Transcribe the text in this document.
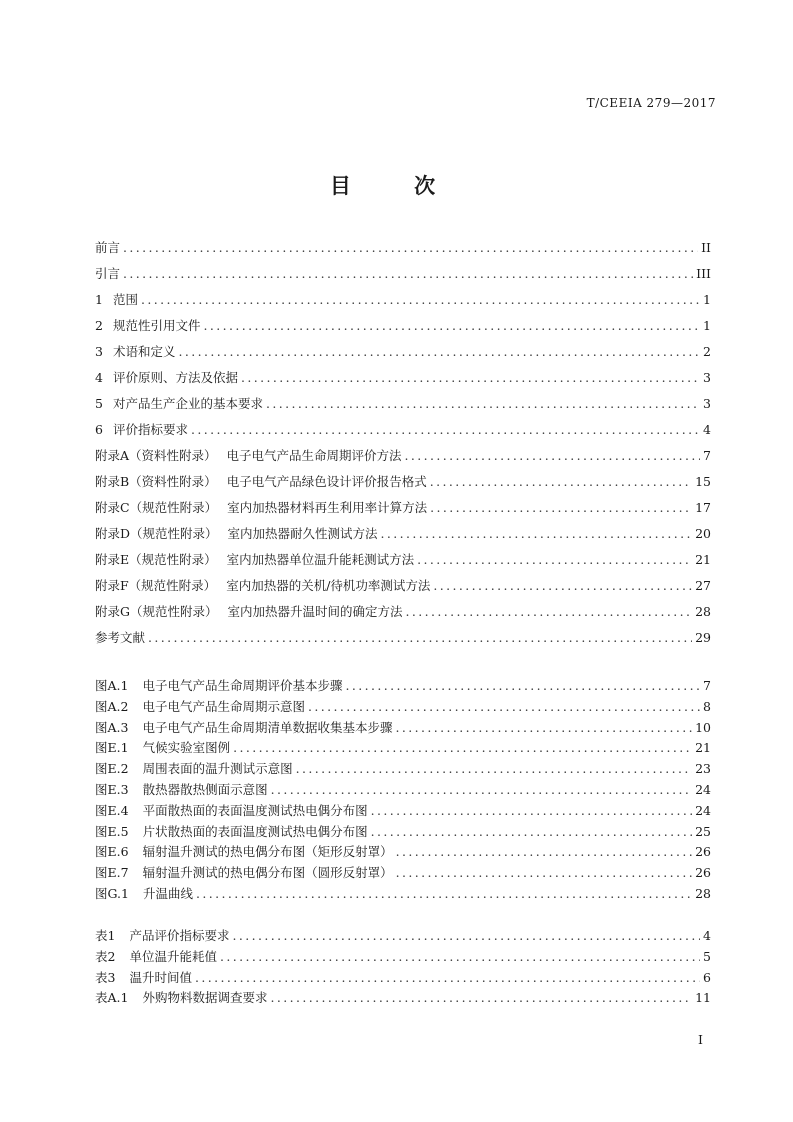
T/CEEIA 279—2017
目 次
前言 .....	II
引言 .....	III
1 范围 .....	1
2 规范性引用文件 .....	1
3 术语和定义 .....	2
4 评价原则、方法及依据 .....	3
5 对产品生产企业的基本要求 .....	3
6 评价指标要求 .....	4
附录A（资料性附录） 电子电气产品生命周期评价方法 .....	7
附录B（资料性附录） 电子电气产品绿色设计评价报告格式 .....	15
附录C（规范性附录） 室内加热器材料再生利用率计算方法 .....	17
附录D（规范性附录） 室内加热器耐久性测试方法 .....	20
附录E（规范性附录） 室内加热器单位温升能耗测试方法 .....	21
附录F（规范性附录） 室内加热器的关机/待机功率测试方法 .....	27
附录G（规范性附录） 室内加热器升温时间的确定方法 .....	28
参考文献 .....	29
图A.1 电子电气产品生命周期评价基本步骤 .....	7
图A.2 电子电气产品生命周期示意图 .....	8
图A.3 电子电气产品生命周期清单数据收集基本步骤 .....	10
图E.1 气候实验室图例 .....	21
图E.2 周围表面的温升测试示意图 .....	23
图E.3 散热器散热侧面示意图 .....	24
图E.4 平面散热面的表面温度测试热电偶分布图 .....	24
图E.5 片状散热面的表面温度测试热电偶分布图 .....	25
图E.6 辐射温升测试的热电偶分布图（矩形反射罩） .....	26
图E.7 辐射温升测试的热电偶分布图（圆形反射罩） .....	26
图G.1 升温曲线 .....	28
表1 产品评价指标要求 .....	4
表2 单位温升能耗值 .....	5
表3 温升时间值 .....	6
表A.1 外购物料数据调查要求 .....	11
I
